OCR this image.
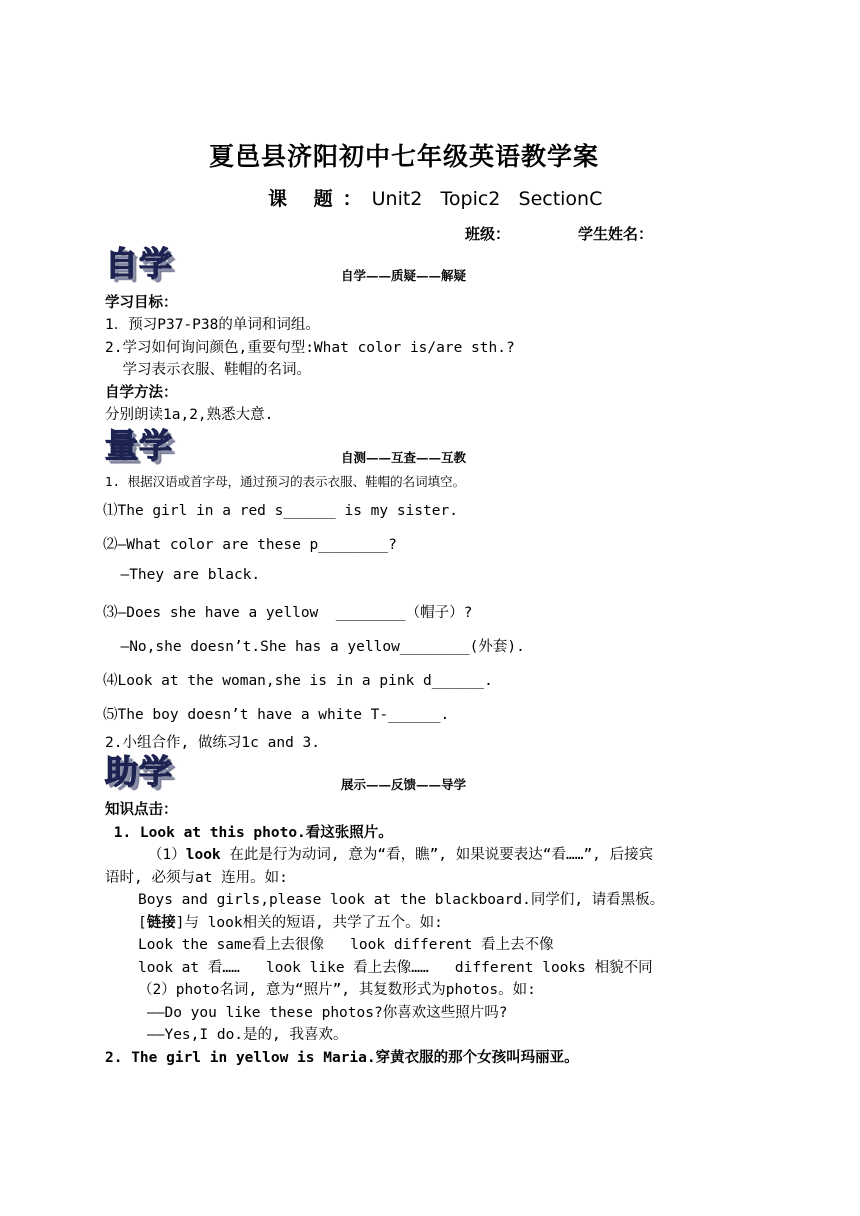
夏邑县济阳初中七年级英语教学案
课 题：Unit2   Topic2   SectionC
班级：	学生姓名：
自学	自学——质疑——解疑
学习目标：
1．预习P37-P38的单词和词组。
2.学习如何询问颜色,重要句型:What color is/are sth.?
学习表示衣服、鞋帽的名词。
自学方法：
分别朗读1a,2,熟悉大意.
量学	自测——互查——互教
1. 根据汉语或首字母，通过预习的表示衣服、鞋帽的名词填空。
⑴The girl in a red s______ is my sister.
⑵—What color are these p________?
—They are black.
⑶—Does she have a yellow  ________（帽子）?
—No,she doesn’t.She has a yellow________(外套).
⑷Look at the woman,she is in a pink d______.
⑸The boy doesn’t have a white T-______.
2.小组合作, 做练习1c and 3.
助学	展示——反馈——导学
知识点击：
1. Look at this photo.看这张照片。
（1）look 在此是行为动词, 意为“看，瞧”, 如果说要表达“看……”, 后接宾
语时, 必须与at 连用。如:
Boys and girls,please look at the blackboard.同学们, 请看黑板。
[链接]与 look相关的短语, 共学了五个。如:
Look the same看上去很像   look different 看上去不像
look at 看……   look like 看上去像……   different looks 相貌不同
（2）photo名词, 意为“照片”, 其复数形式为photos。如:
——Do you like these photos?你喜欢这些照片吗?
——Yes,I do.是的, 我喜欢。
2. The girl in yellow is Maria.穿黄衣服的那个女孩叫玛丽亚。
